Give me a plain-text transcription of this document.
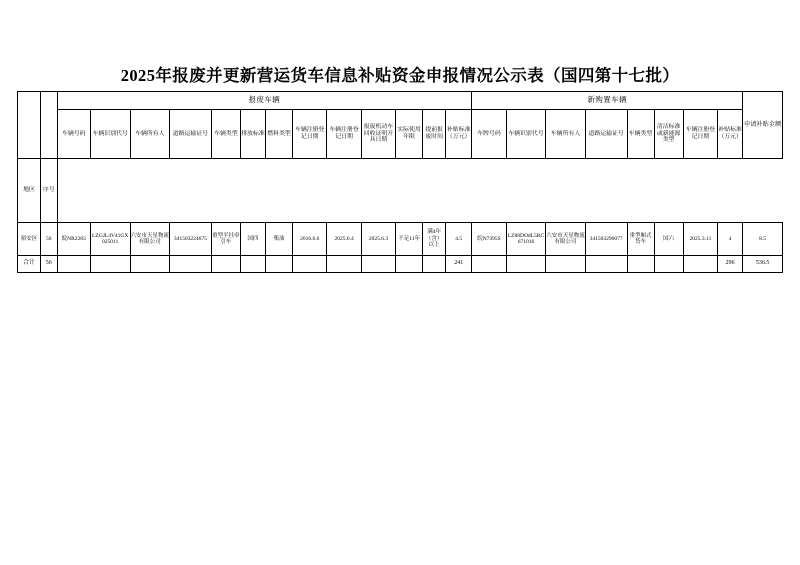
2025年报废并更新营运货车信息补贴资金申报情况公示表（国四第十七批）
		报废车辆													新购置车辆								申请补贴金额
		车辆号码	车辆识别代号	车辆所有人	道路运输证号	车辆类型	排放标准	燃料类型	车辆注册登记日期	车辆注册登记日期	报废机动车回收证明开具日期	实际使用年限	提前报废时间	补贴标准（万元）	车牌号码	车辆识别代号	车辆所有人	道路运输证号	车辆类型	清洁标准或新能源类型	车辆注册登记日期	补贴标准（万元）	
地区	序号																						
裕安区	56	皖NR2283	LZGJL4V41GX025011	六安市天星物流有限公司	341503224675	重型半挂牵引车	国四	柴油	2016.6.6	2025.6.4	2025.6.3	不足11年	满4年（含）以上	4.5	皖N7395S	LZ88DOdL5RC671016	六安市天星物流有限公司	341503290077	重型厢式货车	国六	2025.3.11	4	8.5
合计	56													241								296	536.5
